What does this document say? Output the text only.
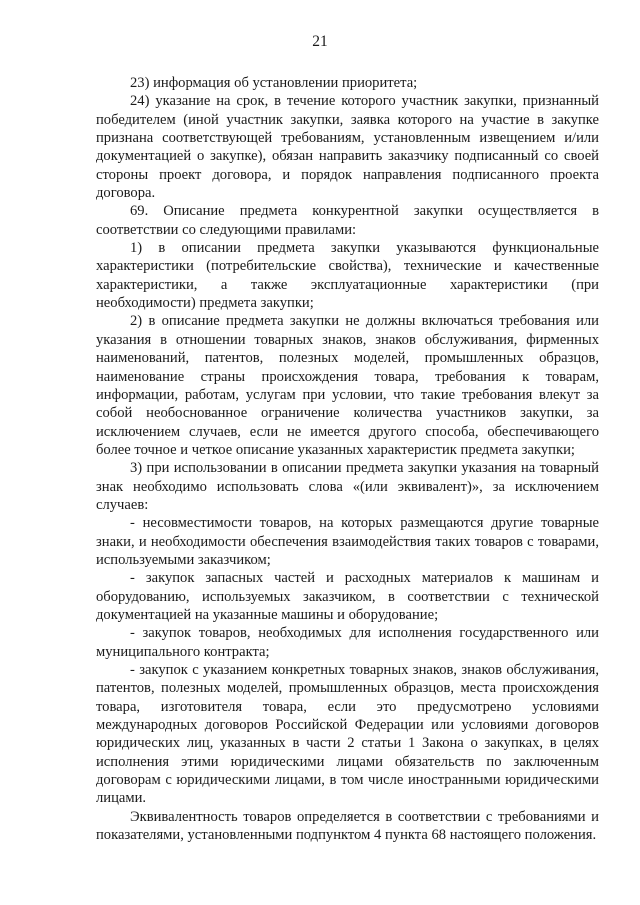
21

23) информация об установлении приоритета;

24) указание на срок, в течение которого участник закупки, признанный победителем (иной участник закупки, заявка которого на участие в закупке признана соответствующей требованиям, установленным извещением и/или документацией о закупке), обязан направить заказчику подписанный со своей стороны проект договора, и порядок направления подписанного проекта договора.

69. Описание предмета конкурентной закупки осуществляется в соответствии со следующими правилами:

1) в описании предмета закупки указываются функциональные характеристики (потребительские свойства), технические и качественные характеристики, а также эксплуатационные характеристики (при необходимости) предмета закупки;

2) в описание предмета закупки не должны включаться требования или указания в отношении товарных знаков, знаков обслуживания, фирменных наименований, патентов, полезных моделей, промышленных образцов, наименование страны происхождения товара, требования к товарам, информации, работам, услугам при условии, что такие требования влекут за собой необоснованное ограничение количества участников закупки, за исключением случаев, если не имеется другого способа, обеспечивающего более точное и четкое описание указанных характеристик предмета закупки;

3) при использовании в описании предмета закупки указания на товарный знак необходимо использовать слова «(или эквивалент)», за исключением случаев:

- несовместимости товаров, на которых размещаются другие товарные знаки, и необходимости обеспечения взаимодействия таких товаров с товарами, используемыми заказчиком;

- закупок запасных частей и расходных материалов к машинам и оборудованию, используемых заказчиком, в соответствии с технической документацией на указанные машины и оборудование;

- закупок товаров, необходимых для исполнения государственного или муниципального контракта;

- закупок с указанием конкретных товарных знаков, знаков обслуживания, патентов, полезных моделей, промышленных образцов, места происхождения товара, изготовителя товара, если это предусмотрено условиями международных договоров Российской Федерации или условиями договоров юридических лиц, указанных в части 2 статьи 1 Закона о закупках, в целях исполнения этими юридическими лицами обязательств по заключенным договорам с юридическими лицами, в том числе иностранными юридическими лицами.

Эквивалентность товаров определяется в соответствии с требованиями и показателями, установленными подпунктом 4 пункта 68 настоящего положения.
